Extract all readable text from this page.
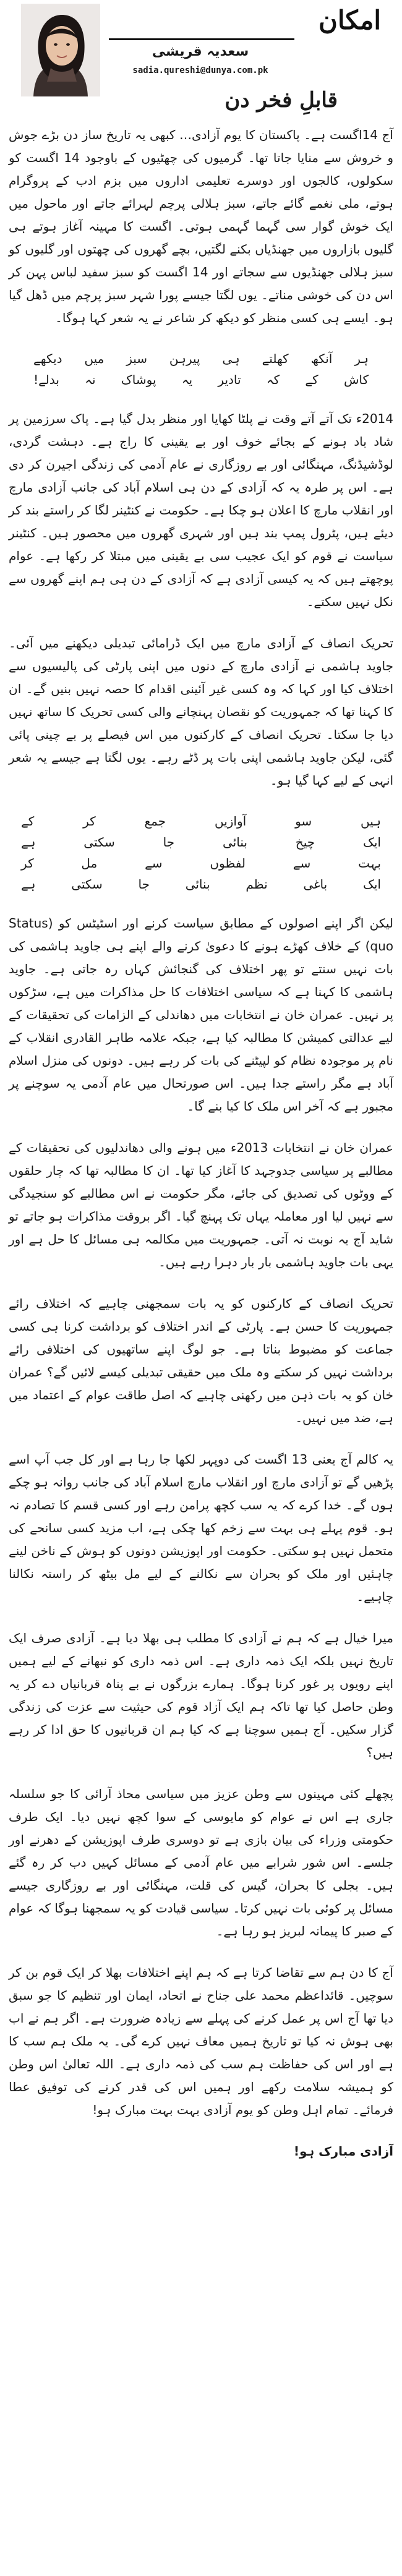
امکان
سعدیہ قریشی
sadia.qureshi@dunya.com.pk
قابلِ فخر دن

آج 14اگست ہے۔ پاکستان کا یوم آزادی… کبھی یہ تاریخ ساز دن بڑے جوش و خروش سے منایا جاتا تھا۔ گرمیوں کی چھٹیوں کے باوجود 14 اگست کو سکولوں، کالجوں اور دوسرے تعلیمی اداروں میں بزم ادب کے پروگرام ہوتے، ملی نغمے گائے جاتے، سبز ہلالی پرچم لہرائے جاتے اور ماحول میں ایک خوش گوار سی گہما گہمی ہوتی۔ اگست کا مہینہ آغاز ہوتے ہی گلیوں بازاروں میں جھنڈیاں بکنے لگتیں، بچے گھروں کی چھتوں اور گلیوں کو سبز ہلالی جھنڈیوں سے سجاتے اور 14 اگست کو سبز سفید لباس پہن کر اس دن کی خوشی مناتے۔ یوں لگتا جیسے پورا شہر سبز پرچم میں ڈھل گیا ہو۔ ایسے ہی کسی منظر کو دیکھ کر شاعر نے یہ شعر کہا ہوگا۔

ہر
آنکھ
کھلتے
ہی
پیرہن
سبز
میں
دیکھے
کاش
کے
کہ
تادیر
یہ
پوشاک
نہ
بدلے!

2014ء تک آتے آتے وقت نے پلٹا کھایا اور منظر بدل گیا ہے۔ پاک سرزمین پر شاد باد ہونے کے بجائے خوف اور بے یقینی کا راج ہے۔ دہشت گردی، لوڈشیڈنگ، مہنگائی اور بے روزگاری نے عام آدمی کی زندگی اجیرن کر دی ہے۔ اس پر طرہ یہ کہ آزادی کے دن ہی اسلام آباد کی جانب آزادی مارچ اور انقلاب مارچ کا اعلان ہو چکا ہے۔ حکومت نے کنٹینر لگا کر راستے بند کر دیئے ہیں، پٹرول پمپ بند ہیں اور شہری گھروں میں محصور ہیں۔ کنٹینر سیاست نے قوم کو ایک عجیب سی بے یقینی میں مبتلا کر رکھا ہے۔ عوام پوچھتے ہیں کہ یہ کیسی آزادی ہے کہ آزادی کے دن ہی ہم اپنے گھروں سے نکل نہیں سکتے۔

تحریک انصاف کے آزادی مارچ میں ایک ڈرامائی تبدیلی دیکھنے میں آئی۔ جاوید ہاشمی نے آزادی مارچ کے دنوں میں اپنی پارٹی کی پالیسیوں سے اختلاف کیا اور کہا کہ وہ کسی غیر آئینی اقدام کا حصہ نہیں بنیں گے۔ ان کا کہنا تھا کہ جمہوریت کو نقصان پہنچانے والی کسی تحریک کا ساتھ نہیں دیا جا سکتا۔ تحریک انصاف کے کارکنوں میں اس فیصلے پر بے چینی پائی گئی، لیکن جاوید ہاشمی اپنی بات پر ڈٹے رہے۔ یوں لگتا ہے جیسے یہ شعر انہی کے لیے کہا گیا ہو۔

ہیں
سو
آوازیں
جمع
کر
کے
ایک
چیخ
بنائی
جا
سکتی
ہے
بہت
سے
لفظوں
سے
مل
کر
ایک
باغی
نظم
بنائی
جا
سکتی
ہے

لیکن اگر اپنے اصولوں کے مطابق سیاست کرنے اور اسٹیٹس کو (Status quo) کے خلاف کھڑے ہونے کا دعویٰ کرنے والے اپنے ہی جاوید ہاشمی کی بات نہیں سنتے تو پھر اختلاف کی گنجائش کہاں رہ جاتی ہے۔ جاوید ہاشمی کا کہنا ہے کہ سیاسی اختلافات کا حل مذاکرات میں ہے، سڑکوں پر نہیں۔ عمران خان نے انتخابات میں دھاندلی کے الزامات کی تحقیقات کے لیے عدالتی کمیشن کا مطالبہ کیا ہے، جبکہ علامہ طاہر القادری انقلاب کے نام پر موجودہ نظام کو لپیٹنے کی بات کر رہے ہیں۔ دونوں کی منزل اسلام آباد ہے مگر راستے جدا ہیں۔ اس صورتحال میں عام آدمی یہ سوچنے پر مجبور ہے کہ آخر اس ملک کا کیا بنے گا۔

عمران خان نے انتخابات 2013ء میں ہونے والی دھاندلیوں کی تحقیقات کے مطالبے پر سیاسی جدوجہد کا آغاز کیا تھا۔ ان کا مطالبہ تھا کہ چار حلقوں کے ووٹوں کی تصدیق کی جائے، مگر حکومت نے اس مطالبے کو سنجیدگی سے نہیں لیا اور معاملہ یہاں تک پہنچ گیا۔ اگر بروقت مذاکرات ہو جاتے تو شاید آج یہ نوبت نہ آتی۔ جمہوریت میں مکالمہ ہی مسائل کا حل ہے اور یہی بات جاوید ہاشمی بار بار دہرا رہے ہیں۔

تحریک انصاف کے کارکنوں کو یہ بات سمجھنی چاہیے کہ اختلاف رائے جمہوریت کا حسن ہے۔ پارٹی کے اندر اختلاف کو برداشت کرنا ہی کسی جماعت کو مضبوط بناتا ہے۔ جو لوگ اپنے ساتھیوں کی اختلافی رائے برداشت نہیں کر سکتے وہ ملک میں حقیقی تبدیلی کیسے لائیں گے؟ عمران خان کو یہ بات ذہن میں رکھنی چاہیے کہ اصل طاقت عوام کے اعتماد میں ہے، ضد میں نہیں۔

یہ کالم آج یعنی 13 اگست کی دوپہر لکھا جا رہا ہے اور کل جب آپ اسے پڑھیں گے تو آزادی مارچ اور انقلاب مارچ اسلام آباد کی جانب روانہ ہو چکے ہوں گے۔ خدا کرے کہ یہ سب کچھ پرامن رہے اور کسی قسم کا تصادم نہ ہو۔ قوم پہلے ہی بہت سے زخم کھا چکی ہے، اب مزید کسی سانحے کی متحمل نہیں ہو سکتی۔ حکومت اور اپوزیشن دونوں کو ہوش کے ناخن لینے چاہئیں اور ملک کو بحران سے نکالنے کے لیے مل بیٹھ کر راستہ نکالنا چاہیے۔

میرا خیال ہے کہ ہم نے آزادی کا مطلب ہی بھلا دیا ہے۔ آزادی صرف ایک تاریخ نہیں بلکہ ایک ذمہ داری ہے۔ اس ذمہ داری کو نبھانے کے لیے ہمیں اپنے رویوں پر غور کرنا ہوگا۔ ہمارے بزرگوں نے بے پناہ قربانیاں دے کر یہ وطن حاصل کیا تھا تاکہ ہم ایک آزاد قوم کی حیثیت سے عزت کی زندگی گزار سکیں۔ آج ہمیں سوچنا ہے کہ کیا ہم ان قربانیوں کا حق ادا کر رہے ہیں؟

پچھلے کئی مہینوں سے وطن عزیز میں سیاسی محاذ آرائی کا جو سلسلہ جاری ہے اس نے عوام کو مایوسی کے سوا کچھ نہیں دیا۔ ایک طرف حکومتی وزراء کی بیان بازی ہے تو دوسری طرف اپوزیشن کے دھرنے اور جلسے۔ اس شور شرابے میں عام آدمی کے مسائل کہیں دب کر رہ گئے ہیں۔ بجلی کا بحران، گیس کی قلت، مہنگائی اور بے روزگاری جیسے مسائل پر کوئی بات نہیں کرتا۔ سیاسی قیادت کو یہ سمجھنا ہوگا کہ عوام کے صبر کا پیمانہ لبریز ہو رہا ہے۔

آج کا دن ہم سے تقاضا کرتا ہے کہ ہم اپنے اختلافات بھلا کر ایک قوم بن کر سوچیں۔ قائداعظم محمد علی جناح نے اتحاد، ایمان اور تنظیم کا جو سبق دیا تھا آج اس پر عمل کرنے کی پہلے سے زیادہ ضرورت ہے۔ اگر ہم نے اب بھی ہوش نہ کیا تو تاریخ ہمیں معاف نہیں کرے گی۔ یہ ملک ہم سب کا ہے اور اس کی حفاظت ہم سب کی ذمہ داری ہے۔ اللہ تعالیٰ اس وطن کو ہمیشہ سلامت رکھے اور ہمیں اس کی قدر کرنے کی توفیق عطا فرمائے۔ تمام اہل وطن کو یوم آزادی بہت بہت مبارک ہو!

آزادی مبارک ہو!
